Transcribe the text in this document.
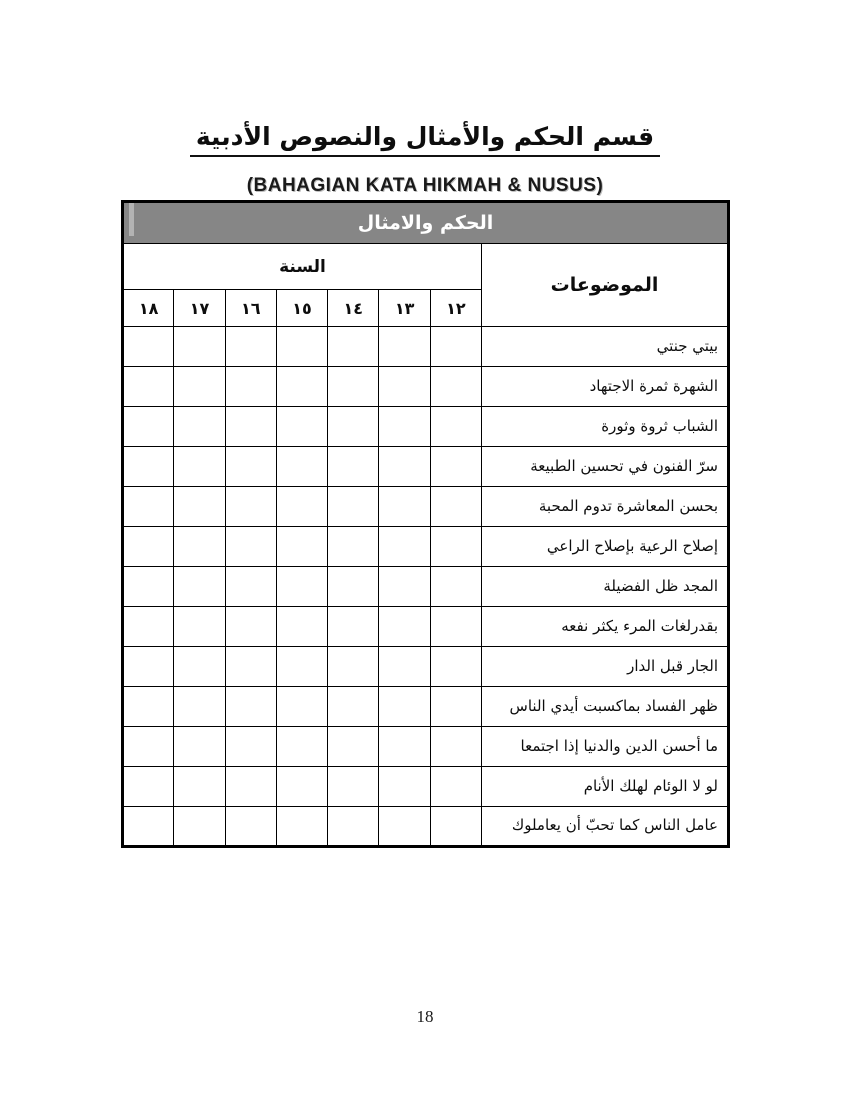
قسم الحكم والأمثال والنصوص الأدبية
(BAHAGIAN KATA HIKMAH & NUSUS)
الحكم والامثال							

الموضوعات	السنة						
	١٢	١٣	١٤	١٥	١٦	١٧	١٨
بيتي جنتي							
الشهرة ثمرة الاجتهاد							
الشباب ثروة وثورة							
سرّ الفنون في تحسين الطبيعة							
بحسن المعاشرة تدوم المحبة							
إصلاح الرعية بإصلاح الراعي							
المجد ظل الفضيلة							
بقدرلغات المرء يكثر نفعه							
الجار قبل الدار							
ظهر الفساد بماكسبت أيدي الناس							
ما أحسن الدين والدنيا إذا اجتمعا							
لو لا الوئام لهلك الأنام							
عامل الناس كما تحبّ أن يعاملوك							
18
